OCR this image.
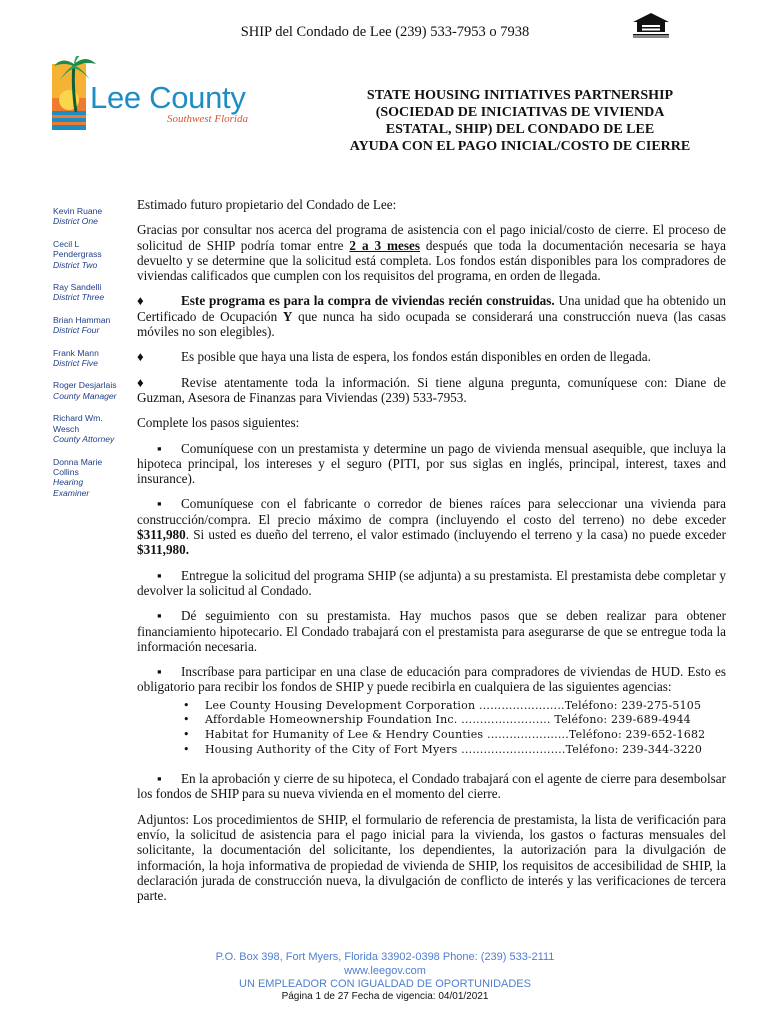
SHIP del Condado de Lee (239) 533-7953 o 7938
Lee County
Southwest Florida
STATE HOUSING INITIATIVES PARTNERSHIP
(SOCIEDAD DE INICIATIVAS DE VIVIENDA
ESTATAL, SHIP) DEL CONDADO DE LEE
AYUDA CON EL PAGO INICIAL/COSTO DE CIERRE
Kevin Ruane
District One
Cecil L
Pendergrass
District Two
Ray Sandelli
District Three
Brian Hamman
District Four
Frank Mann
District Five
Roger Desjarlais
County Manager
Richard Wm.
Wesch
County Attorney
Donna Marie
Collins
Hearing
Examiner

Estimado futuro propietario del Condado de Lee:

Gracias por consultar nos acerca del programa de asistencia con el pago inicial/costo de cierre. El proceso de solicitud de SHIP podría tomar entre 2 a 3 meses después que toda la documentación necesaria se haya devuelto y se determine que la solicitud está completa. Los fondos están disponibles para los compradores de viviendas calificados que cumplen con los requisitos del programa, en orden de llegada.

♦	Este programa es para la compra de viviendas recién construidas. Una unidad que ha obtenido un Certificado de Ocupación Y que nunca ha sido ocupada se considerará una construcción nueva (las casas móviles no son elegibles).

♦	Es posible que haya una lista de espera, los fondos están disponibles en orden de llegada.

♦	Revise atentamente toda la información. Si tiene alguna pregunta, comuníquese con: Diane de Guzman, Asesora de Finanzas para Viviendas (239) 533-7953.

Complete los pasos siguientes:

▪ Comuníquese con un prestamista y determine un pago de vivienda mensual asequible, que incluya la hipoteca principal, los intereses y el seguro (PITI, por sus siglas en inglés, principal, interest, taxes and insurance).

▪ Comuníquese con el fabricante o corredor de bienes raíces para seleccionar una vivienda para construcción/compra. El precio máximo de compra (incluyendo el costo del terreno) no debe exceder $311,980. Si usted es dueño del terreno, el valor estimado (incluyendo el terreno y la casa) no puede exceder $311,980.

▪ Entregue la solicitud del programa SHIP (se adjunta) a su prestamista. El prestamista debe completar y devolver la solicitud al Condado.

▪ Dé seguimiento con su prestamista. Hay muchos pasos que se deben realizar para obtener financiamiento hipotecario. El Condado trabajará con el prestamista para asegurarse de que se entregue toda la información necesaria.

▪ Inscríbase para participar en una clase de educación para compradores de viviendas de HUD. Esto es obligatorio para recibir los fondos de SHIP y puede recibirla en cualquiera de las siguientes agencias:

• Lee County Housing Development Corporation …………………..Teléfono: 239-275-5105
• Affordable Homeownership Foundation Inc. …………………… Teléfono: 239-689-4944
• Habitat for Humanity of Lee & Hendry Counties ………………....Teléfono: 239-652-1682
• Housing Authority of the City of Fort Myers ……………………….Teléfono: 239-344-3220

▪ En la aprobación y cierre de su hipoteca, el Condado trabajará con el agente de cierre para desembolsar los fondos de SHIP para su nueva vivienda en el momento del cierre.

Adjuntos: Los procedimientos de SHIP, el formulario de referencia de prestamista, la lista de verificación para envío, la solicitud de asistencia para el pago inicial para la vivienda, los gastos o facturas mensuales del solicitante, la documentación del solicitante, los dependientes, la autorización para la divulgación de información, la hoja informativa de propiedad de vivienda de SHIP, los requisitos de accesibilidad de SHIP, la declaración jurada de construcción nueva, la divulgación de conflicto de interés y las verificaciones de tercera parte.

P.O. Box 398, Fort Myers, Florida 33902-0398 Phone: (239) 533-2111
www.leegov.com
UN EMPLEADOR CON IGUALDAD DE OPORTUNIDADES
Página 1 de 27 Fecha de vigencia: 04/01/2021
